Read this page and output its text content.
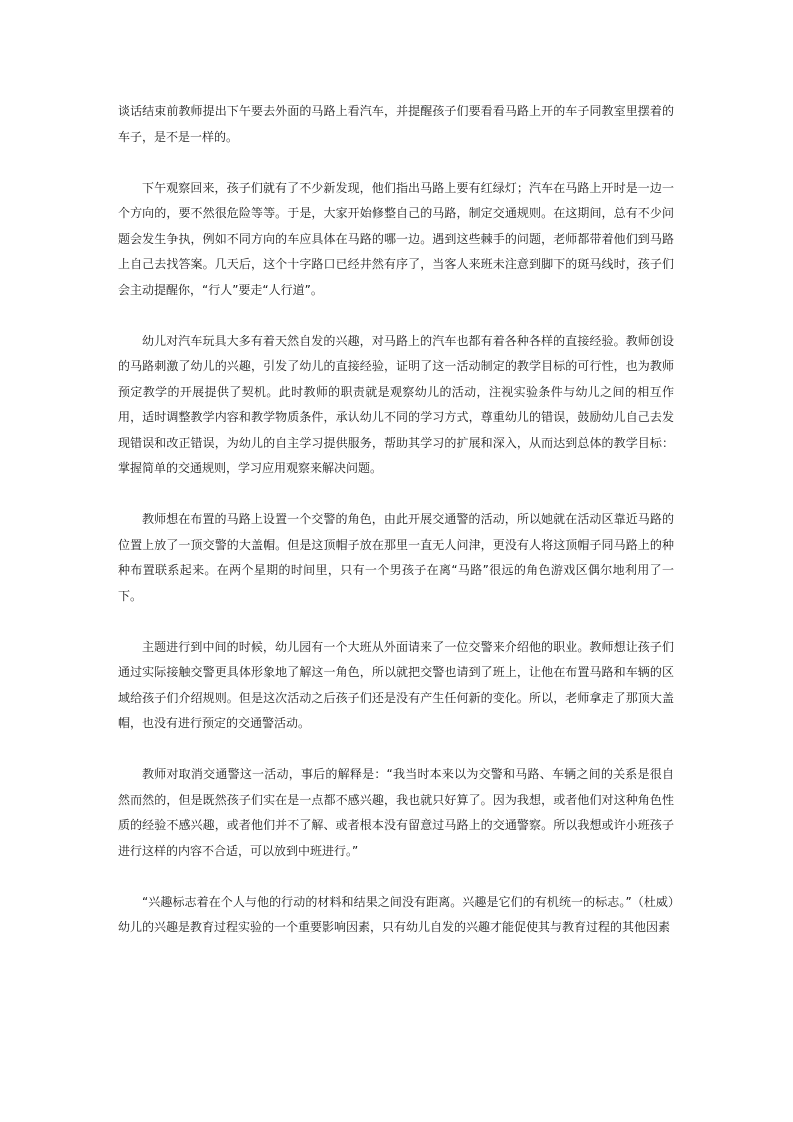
谈话结束前教师提出下午要去外面的马路上看汽车，并提醒孩子们要看看马路上开的车子同教室里摆着的车子，是不是一样的。

下午观察回来，孩子们就有了不少新发现，他们指出马路上要有红绿灯；汽车在马路上开时是一边一个方向的，要不然很危险等等。于是，大家开始修整自己的马路，制定交通规则。在这期间，总有不少问题会发生争执，例如不同方向的车应具体在马路的哪一边。遇到这些棘手的问题，老师都带着他们到马路上自己去找答案。几天后，这个十字路口已经井然有序了，当客人来班未注意到脚下的斑马线时，孩子们会主动提醒你，“行人”要走“人行道”。

幼儿对汽车玩具大多有着天然自发的兴趣，对马路上的汽车也都有着各种各样的直接经验。教师创设的马路刺激了幼儿的兴趣，引发了幼儿的直接经验，证明了这一活动制定的教学目标的可行性，也为教师预定教学的开展提供了契机。此时教师的职责就是观察幼儿的活动，注视实验条件与幼儿之间的相互作用，适时调整教学内容和教学物质条件，承认幼儿不同的学习方式，尊重幼儿的错误，鼓励幼儿自己去发现错误和改正错误，为幼儿的自主学习提供服务，帮助其学习的扩展和深入，从而达到总体的教学目标：掌握简单的交通规则，学习应用观察来解决问题。

教师想在布置的马路上设置一个交警的角色，由此开展交通警的活动，所以她就在活动区靠近马路的位置上放了一顶交警的大盖帽。但是这顶帽子放在那里一直无人问津，更没有人将这顶帽子同马路上的种种布置联系起来。在两个星期的时间里，只有一个男孩子在离“马路”很远的角色游戏区偶尔地利用了一下。

主题进行到中间的时候，幼儿园有一个大班从外面请来了一位交警来介绍他的职业。教师想让孩子们通过实际接触交警更具体形象地了解这一角色，所以就把交警也请到了班上，让他在布置马路和车辆的区域给孩子们介绍规则。但是这次活动之后孩子们还是没有产生任何新的变化。所以，老师拿走了那顶大盖帽，也没有进行预定的交通警活动。

教师对取消交通警这一活动，事后的解释是：“我当时本来以为交警和马路、车辆之间的关系是很自然而然的，但是既然孩子们实在是一点都不感兴趣，我也就只好算了。因为我想，或者他们对这种角色性质的经验不感兴趣，或者他们并不了解、或者根本没有留意过马路上的交通警察。所以我想或许小班孩子进行这样的内容不合适，可以放到中班进行。”

“兴趣标志着在个人与他的行动的材料和结果之间没有距离。兴趣是它们的有机统一的标志。”（杜威）幼儿的兴趣是教育过程实验的一个重要影响因素，只有幼儿自发的兴趣才能促使其与教育过程的其他因素
